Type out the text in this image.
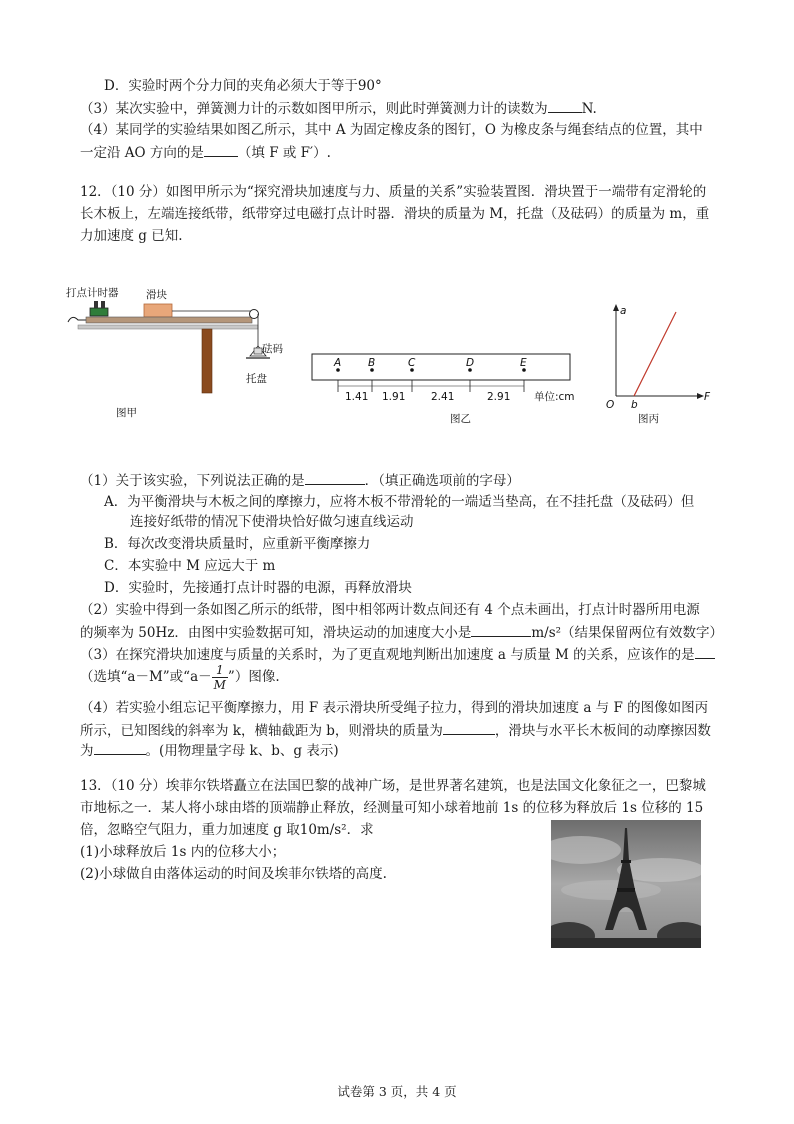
D．实验时两个分力间的夹角必须大于等于90°
（3）某次实验中，弹簧测力计的示数如图甲所示，则此时弹簧测力计的读数为	N.
（4）某同学的实验结果如图乙所示，其中 A 为固定橡皮条的图钉，O 为橡皮条与绳套结点的位置，其中
一定沿 AO 方向的是	（填 F 或 F′）.
12．（10 分）如图甲所示为“探究滑块加速度与力、质量的关系”实验装置图．滑块置于一端带有定滑轮的
长木板上，左端连接纸带，纸带穿过电磁打点计时器．滑块的质量为 M，托盘（及砝码）的质量为 m，重
力加速度 g 已知.
打点计时器	滑块
砝码
托盘
图甲
A	B	C	D	E
1.41 1.91 2.41	2.91
图乙
单位:cm
a
F
O b
图丙
（1）关于该实验，下列说法正确的是	．（填正确选项前的字母）
A．为平衡滑块与木板之间的摩擦力，应将木板不带滑轮的一端适当垫高，在不挂托盘（及砝码）但
连接好纸带的情况下使滑块恰好做匀速直线运动
B．每次改变滑块质量时，应重新平衡摩擦力
C．本实验中 M 应远大于 m
D．实验时，先接通打点计时器的电源，再释放滑块
（2）实验中得到一条如图乙所示的纸带，图中相邻两计数点间还有 4 个点未画出，打点计时器所用电源
的频率为 50Hz．由图中实验数据可知，滑块运动的加速度大小是	m/s²（结果保留两位有效数字）
（3）在探究滑块加速度与质量的关系时，为了更直观地判断出加速度 a 与质量 M 的关系，应该作的是
（选填“a－M”或“$a- \frac{1}{M}$ ”）图像.
（4）若实验小组忘记平衡摩擦力，用 F 表示滑块所受绳子拉力，得到的滑块加速度 a 与 F 的图像如图丙
所示，已知图线的斜率为 k，横轴截距为 b，则滑块的质量为	，滑块与水平长木板间的动摩擦因数
为	。(用物理量字母 k、b、g 表示)
13．（10 分）埃菲尔铁塔矗立在法国巴黎的战神广场，是世界著名建筑，也是法国文化象征之一，巴黎城
市地标之一．某人将小球由塔的顶端静止释放，经测量可知小球着地前 1s 的位移为释放后 1s 位移的 15
倍，忽略空气阻力，重力加速度 g 取10m/s²．求
(1)小球释放后 1s 内的位移大小；
(2)小球做自由落体运动的时间及埃菲尔铁塔的高度.
试卷第 3 页，共 4 页
